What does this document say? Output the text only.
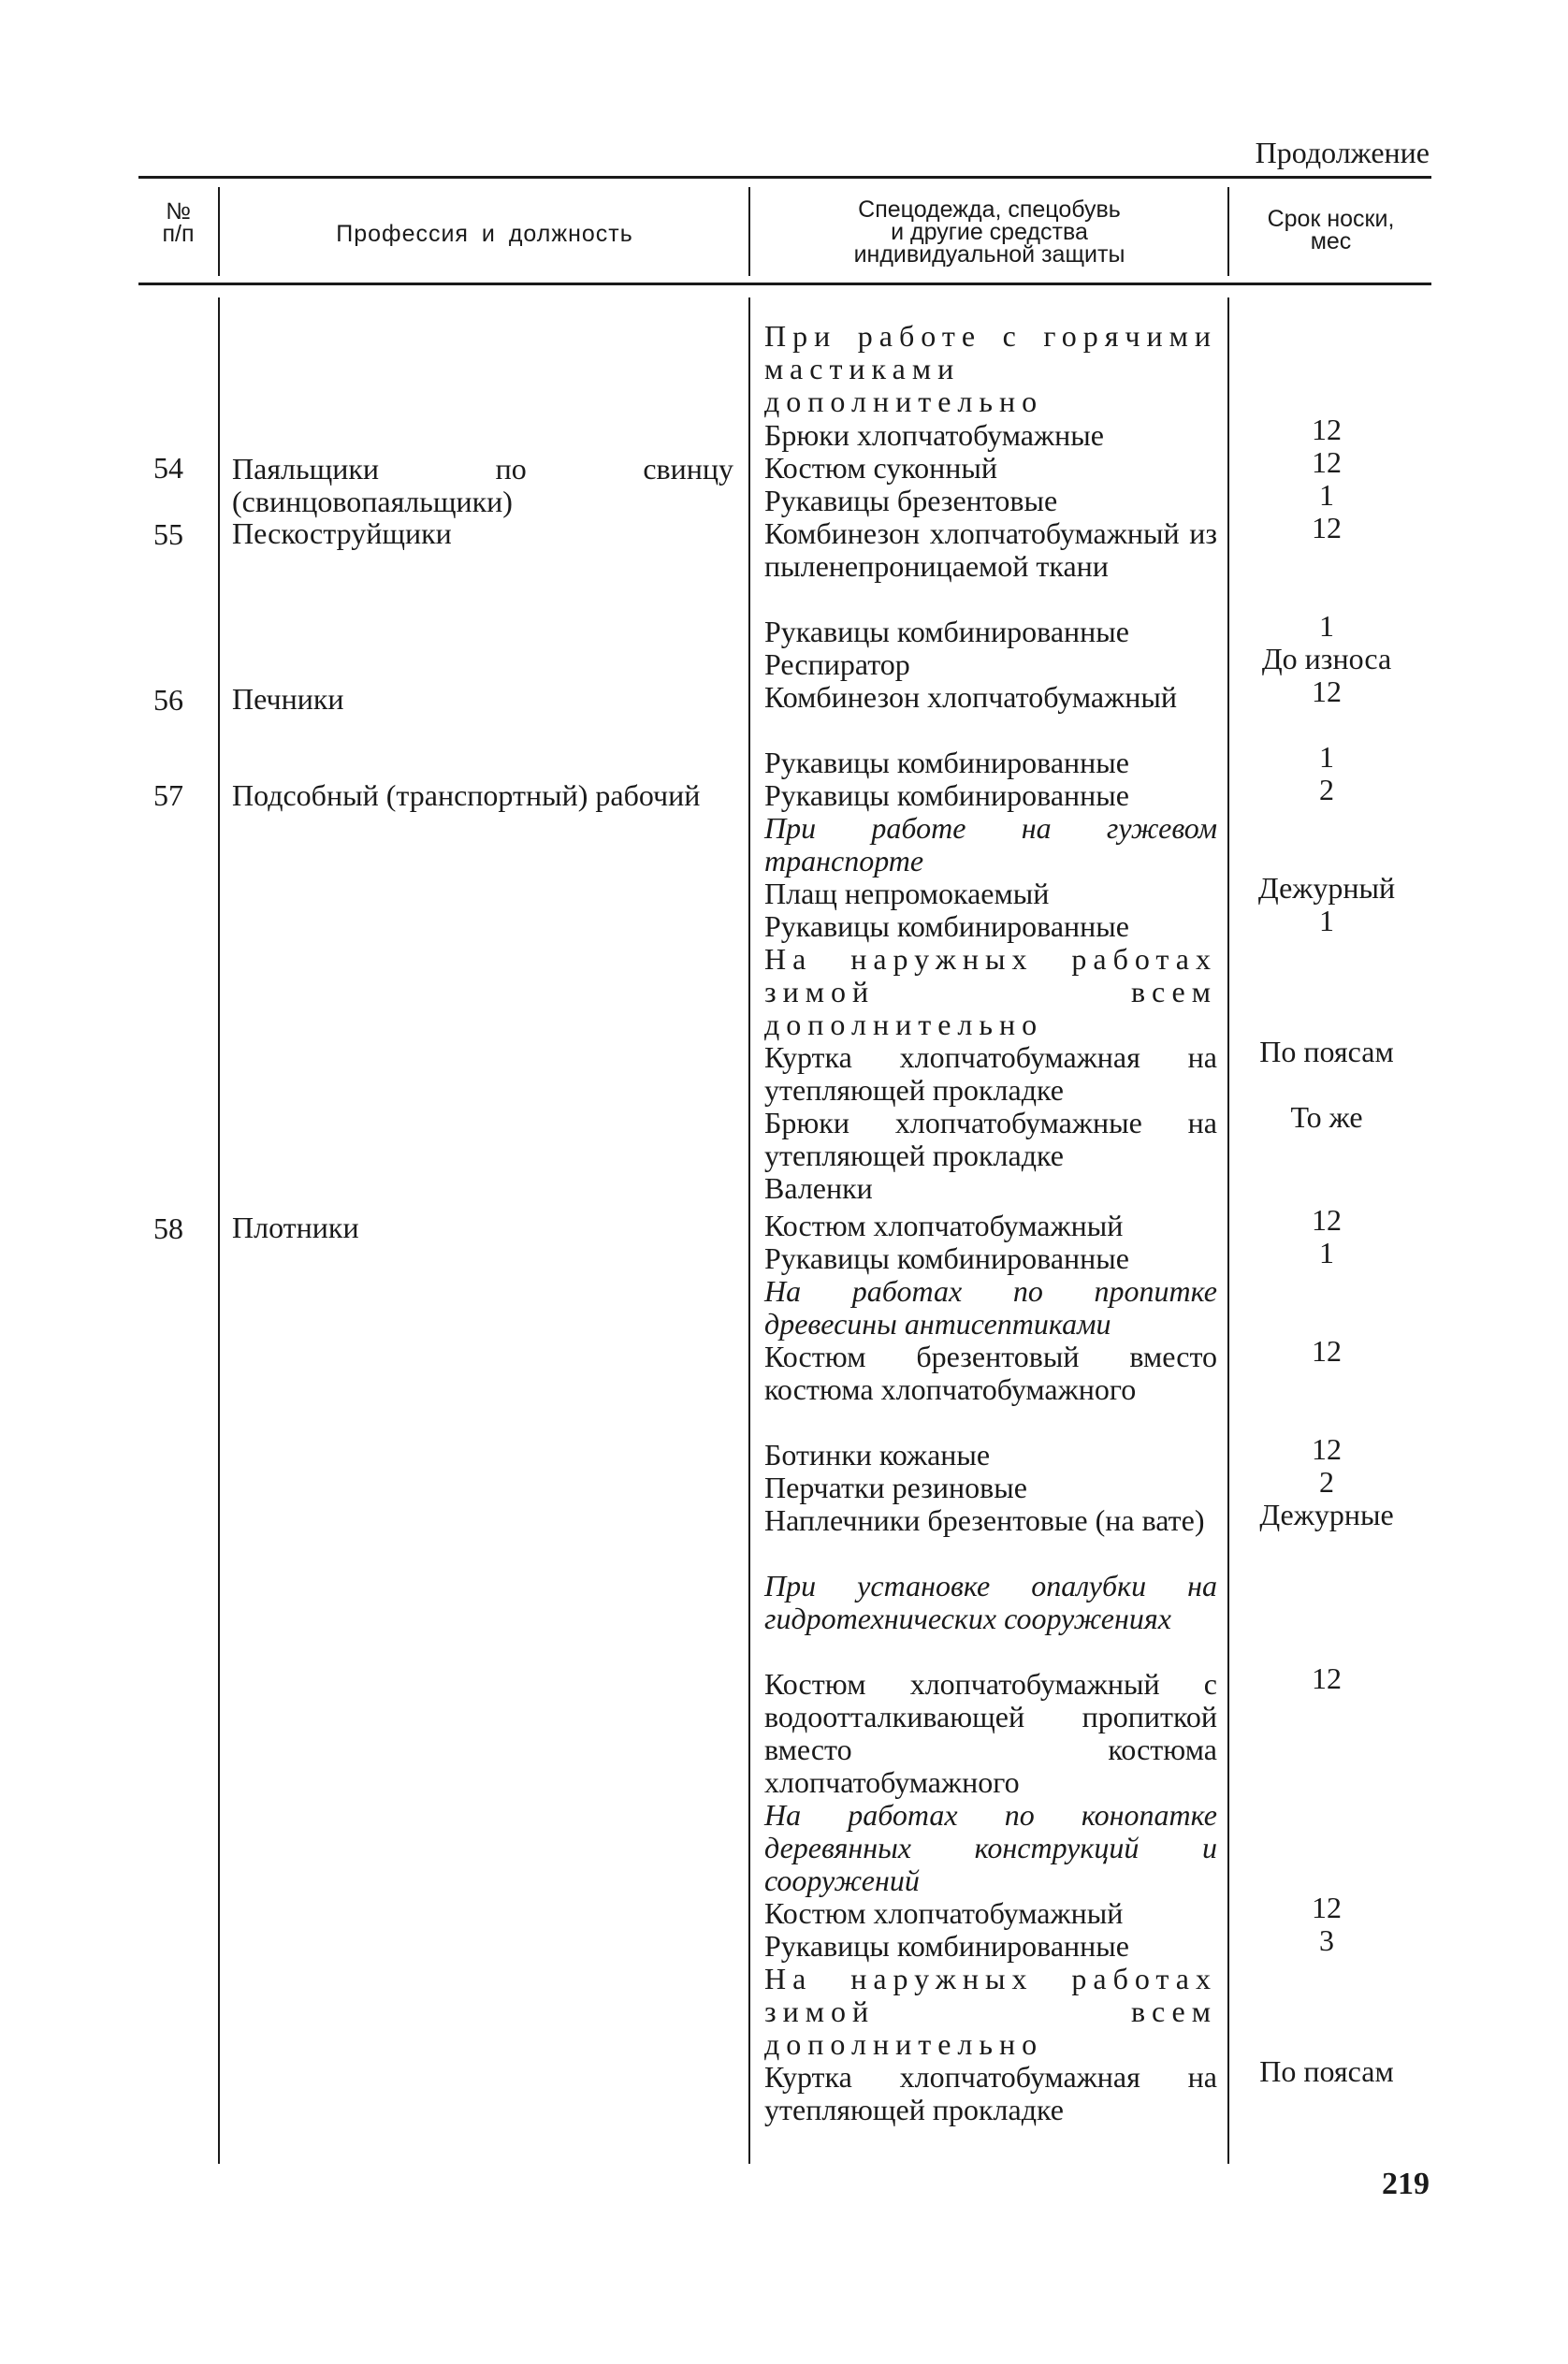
Продолжение
№
п/п	Профессия и должность
Спецодежда, спецобувь
и другие средства
индивидуальной защиты
Срок носки,
мес
54
55
56
57
58
Паяльщики по свинцу (свинцовопаяльщики)
Пескоструйщики
Печники
Подсобный (транспортный) рабочий
Плотники

При работе с горячими мастиками дополнительно

Брюки хлопчатобумажные

Костюм суконный

Рукавицы брезентовые

Комбинезон хлопчатобумажный из пыленепроницаемой ткани

Рукавицы комбинированные

Респиратор

Комбинезон хлопчатобумажный

Рукавицы комбинированные

Рукавицы комбинированные

При работе на гужевом транспорте

Плащ непромокаемый

Рукавицы комбинированные

На наружных работах зимой всем дополнительно

Куртка хлопчатобумажная на утепляющей прокладке

Брюки хлопчатобумажные на утепляющей прокладке

Валенки

Костюм хлопчатобумажный

Рукавицы комбинированные

На работах по пропитке древесины антисептиками

Костюм брезентовый вместо костюма хлопчатобумажного

Ботинки кожаные

Перчатки резиновые

Наплечники брезентовые (на вате)

При установке опалубки на гидротехнических сооружениях

Костюм хлопчатобумажный с водоотталкивающей пропиткой вместо костюма хлопчатобумажного

На работах по конопатке деревянных конструкций и сооружений

Костюм хлопчатобумажный

Рукавицы комбинированные

На наружных работах зимой всем дополнительно

Куртка хлопчатобумажная на утепляющей прокладке

12
12
1
12
1
До износа
12
1
2
Дежурный
1
По поясам
То же
12
1
12
12
2
Дежурные
12
12
3
По поясам
219
